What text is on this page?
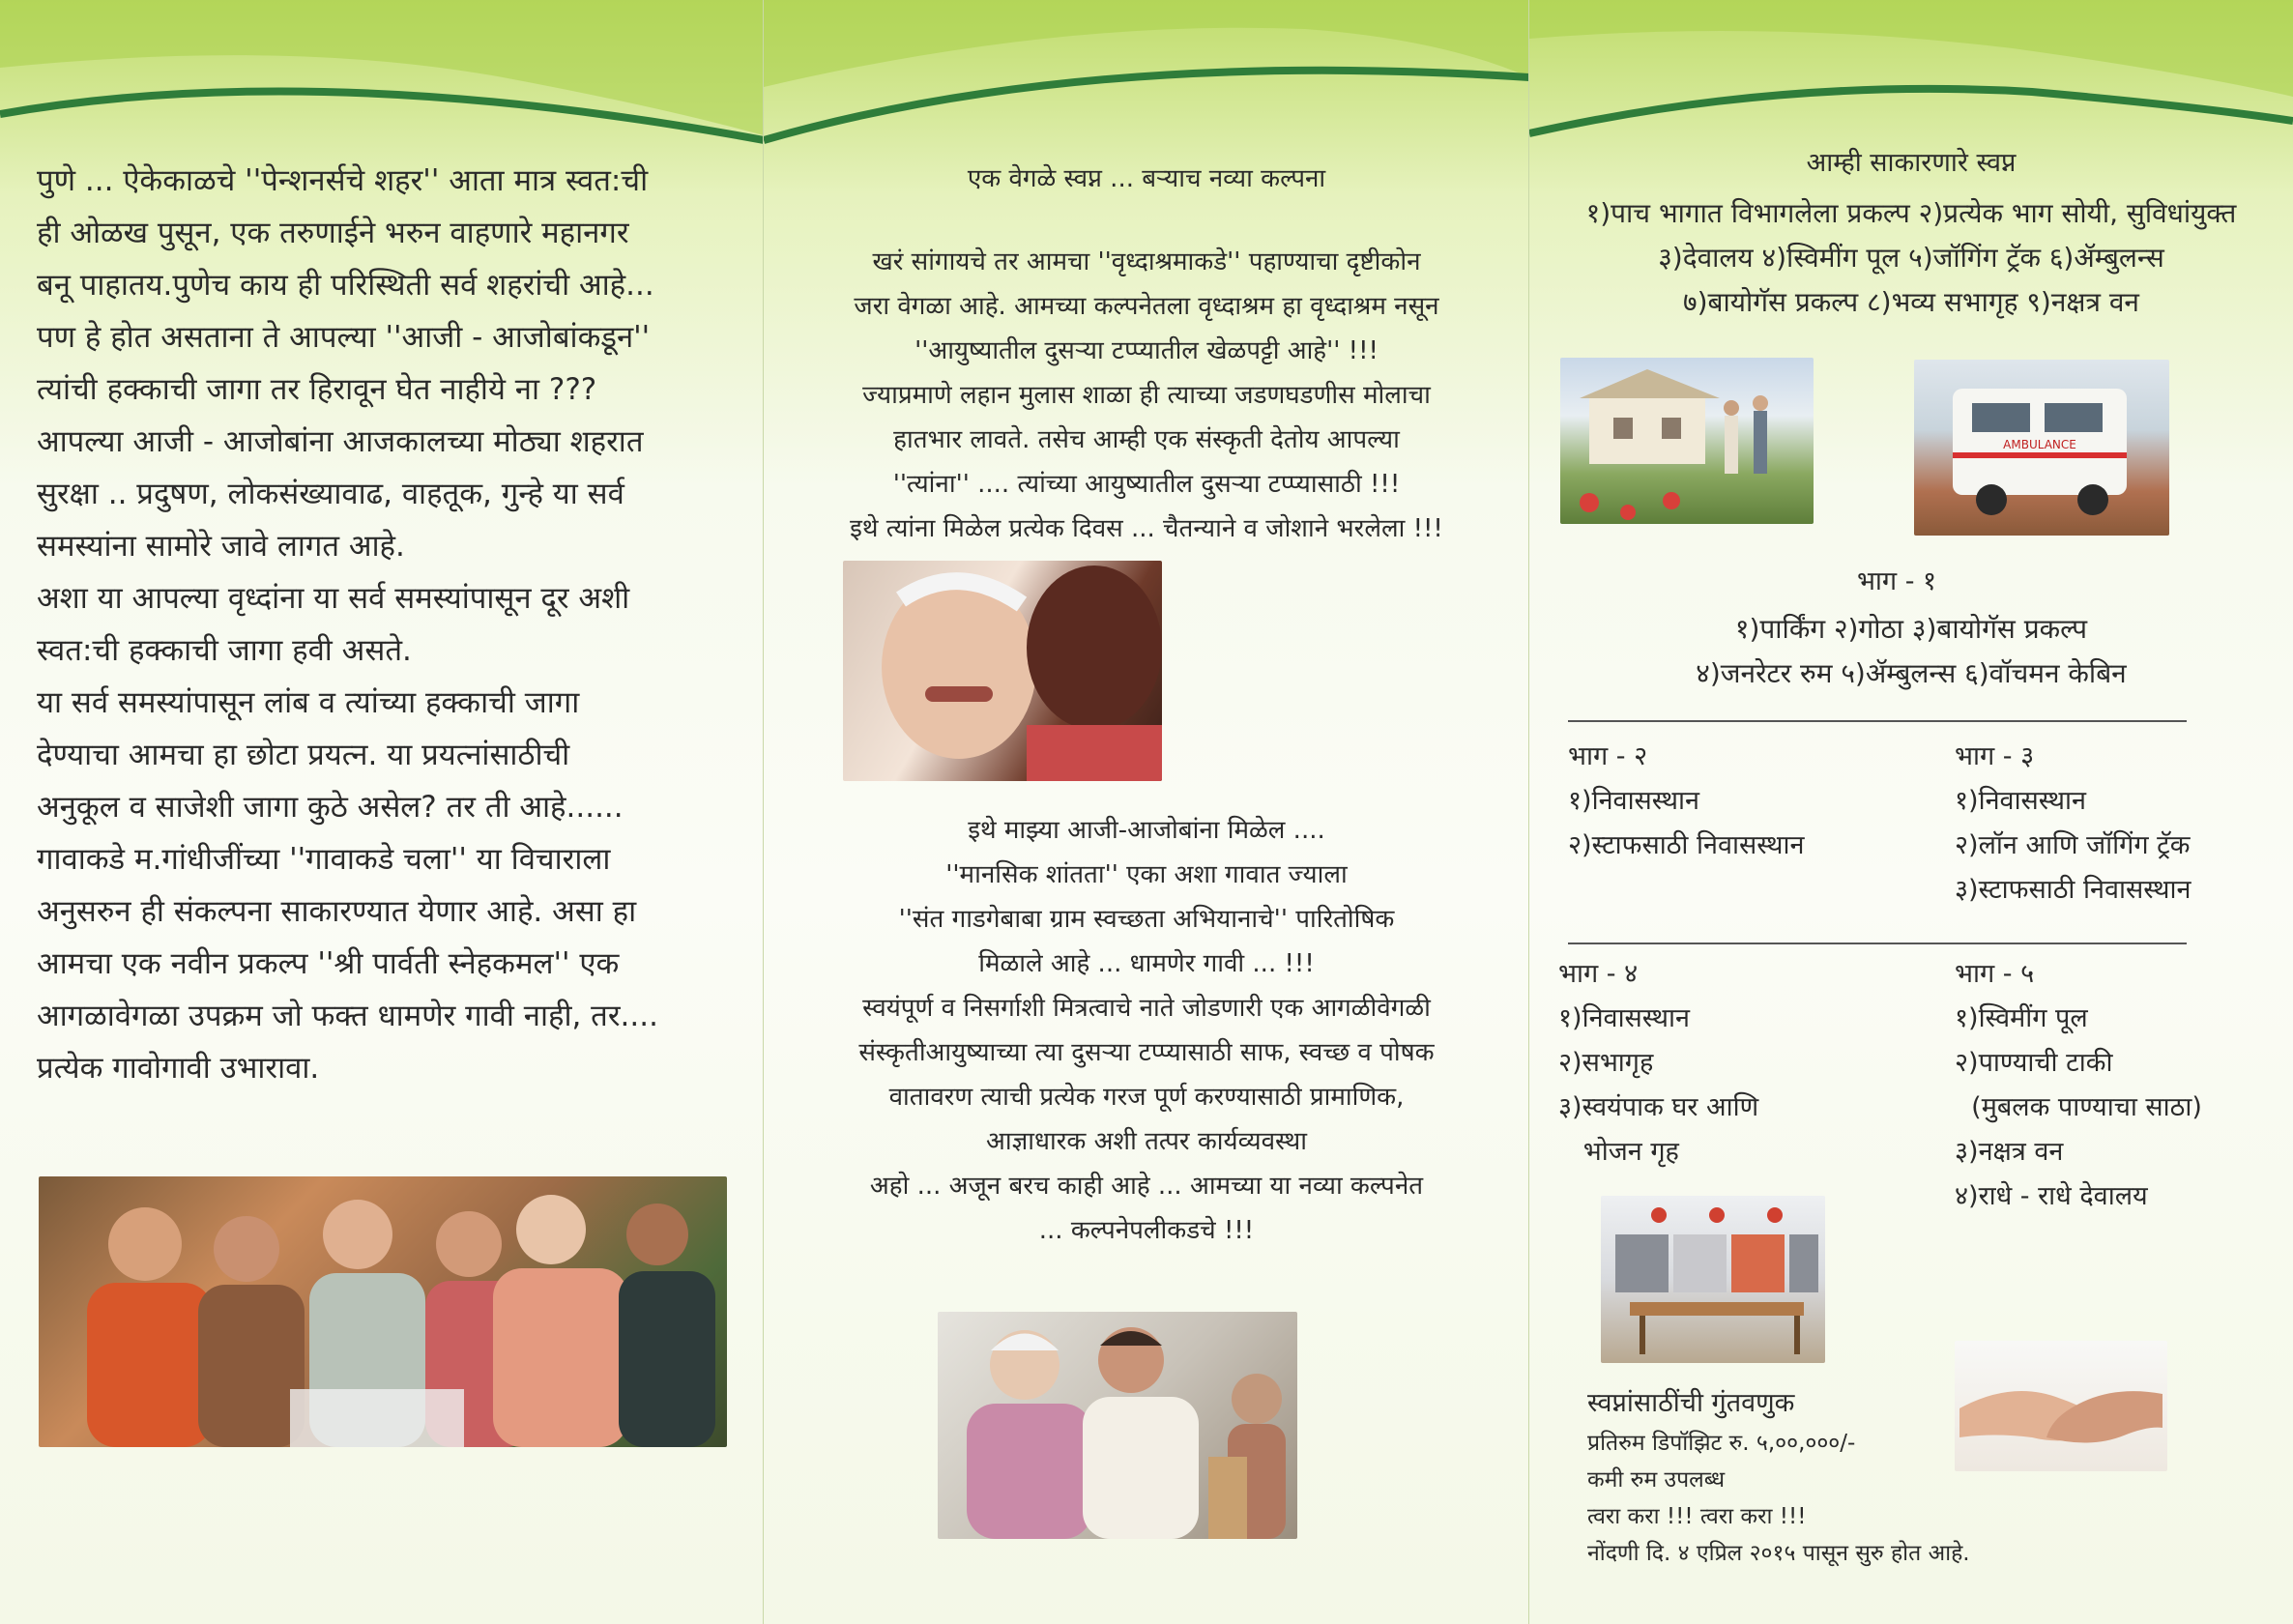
पुणे ... ऐकेकाळचे ''पेन्शनर्सचे शहर'' आता मात्र स्वत:ची
ही ओळख पुसून, एक तरुणाईने भरुन वाहणारे महानगर
बनू पाहातय.पुणेच काय ही परिस्थिती सर्व शहरांची आहे...
पण हे होत असताना ते आपल्या ''आजी - आजोबांकडून''
त्यांची हक्काची जागा तर हिरावून घेत नाहीये ना ???
आपल्या आजी - आजोबांना आजकालच्या मोठ्या शहरात
सुरक्षा .. प्रदुषण, लोकसंख्यावाढ, वाहतूक, गुन्हे या सर्व
समस्यांना सामोरे जावे लागत आहे.
अशा या आपल्या वृध्दांना या सर्व समस्यांपासून दूर अशी
स्वत:ची हक्काची जागा हवी असते.
या सर्व समस्यांपासून लांब व त्यांच्या हक्काची जागा
देण्याचा आमचा हा छोटा प्रयत्न. या प्रयत्नांसाठीची
अनुकूल व साजेशी जागा कुठे असेल? तर ती आहे......
गावाकडे म.गांधीजींच्या ''गावाकडे चला'' या विचाराला
अनुसरुन ही संकल्पना साकारण्यात येणार आहे. असा हा
आमचा एक नवीन प्रकल्प ''श्री पार्वती स्नेहकमल'' एक
आगळावेगळा उपक्रम जो फक्त धामणेर गावी नाही, तर....
प्रत्येक गावोगावी उभारावा.
एक वेगळे स्वप्न ... बऱ्याच नव्या कल्पना
खरं सांगायचे तर आमचा ''वृध्दाश्रमाकडे'' पहाण्याचा दृष्टीकोन
जरा वेगळा आहे. आमच्या कल्पनेतला वृध्दाश्रम हा वृध्दाश्रम नसून
''आयुष्यातील दुसऱ्या टप्प्यातील खेळपट्टी आहे'' !!!
ज्याप्रमाणे लहान मुलास शाळा ही त्याच्या जडणघडणीस मोलाचा
हातभार लावते. तसेच आम्ही एक संस्कृती देतोय आपल्या
''त्यांना'' .... त्यांच्या आयुष्यातील दुसऱ्या टप्प्यासाठी !!!
इथे त्यांना मिळेल प्रत्येक दिवस ... चैतन्याने व जोशाने भरलेला !!!
इथे माझ्या आजी-आजोबांना मिळेल ....
''मानसिक शांतता'' एका अशा गावात ज्याला
''संत गाडगेबाबा ग्राम स्वच्छता अभियानाचे'' पारितोषिक
मिळाले आहे ... धामणेर गावी ... !!!
स्वयंपूर्ण व निसर्गाशी मित्रत्वाचे नाते जोडणारी एक आगळीवेगळी
संस्कृतीआयुष्याच्या त्या दुसऱ्या टप्प्यासाठी साफ, स्वच्छ व पोषक
वातावरण त्याची प्रत्येक गरज पूर्ण करण्यासाठी प्रामाणिक,
आज्ञाधारक अशी तत्पर कार्यव्यवस्था
अहो ... अजून बरच काही आहे ... आमच्या या नव्या कल्पनेत
... कल्पनेपलीकडचे !!!
आम्ही साकारणारे स्वप्न
१)पाच भागात विभागलेला प्रकल्प २)प्रत्येक भाग सोयी, सुविधांयुक्त
३)देवालय ४)स्विमींग पूल ५)जॉगिंग ट्रॅक ६)ॲम्बुलन्स
७)बायोगॅस प्रकल्प ८)भव्य सभागृह ९)नक्षत्र वन
AMBULANCE
भाग - १
१)पार्किंग २)गोठा ३)बायोगॅस प्रकल्प
४)जनरेटर रुम ५)ॲम्बुलन्स ६)वॉचमन केबिन
भाग - २
१)निवासस्थान
२)स्टाफसाठी निवासस्थान
भाग - ३
१)निवासस्थान
२)लॉन आणि जॉगिंग ट्रॅक
३)स्टाफसाठी निवासस्थान
भाग - ४
१)निवासस्थान
२)सभागृह
३)स्वयंपाक घर आणि
भोजन गृह
भाग - ५
१)स्विमींग पूल
२)पाण्याची टाकी
(मुबलक पाण्याचा साठा)
३)नक्षत्र वन
४)राधे - राधे देवालय
स्वप्नांसाठींची गुंतवणुक
प्रतिरुम डिपॉझिट रु. ५,००,०००/-
कमी रुम उपलब्ध
त्वरा करा !!! त्वरा करा !!!
नोंदणी दि. ४ एप्रिल २०१५ पासून सुरु होत आहे.
